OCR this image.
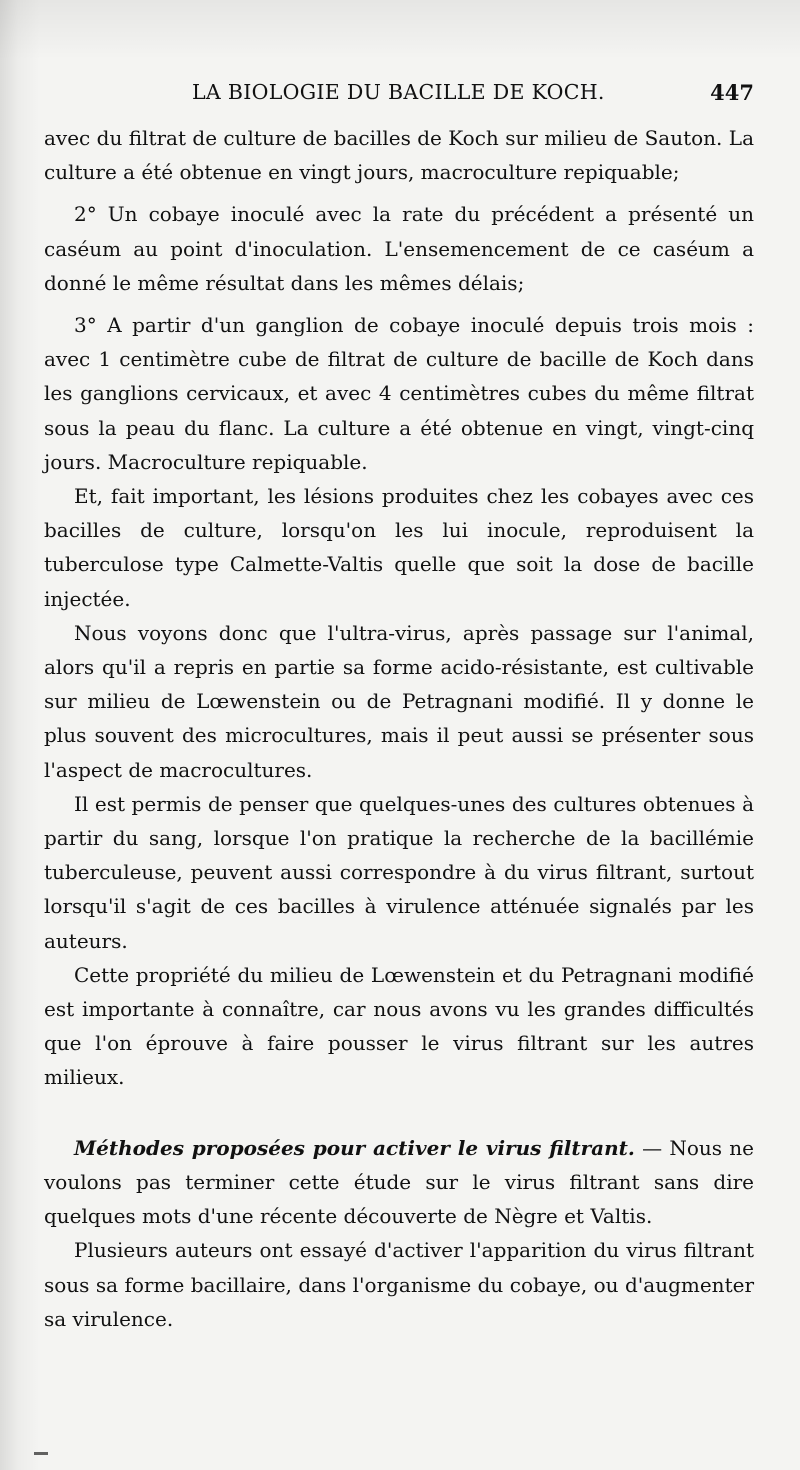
LA BIOLOGIE DU BACILLE DE KOCH.	447

avec du filtrat de culture de bacilles de Koch sur milieu de Sauton. La culture a été obtenue en vingt jours, macroculture repiquable;

2° Un cobaye inoculé avec la rate du précédent a présenté un caséum au point d'inoculation. L'ensemencement de ce caséum a donné le même résultat dans les mêmes délais;

3° A partir d'un ganglion de cobaye inoculé depuis trois mois : avec 1 centimètre cube de filtrat de culture de bacille de Koch dans les ganglions cervicaux, et avec 4 centimètres cubes du même filtrat sous la peau du flanc. La culture a été obtenue en vingt, vingt-cinq jours. Macroculture repiquable.

Et, fait important, les lésions produites chez les cobayes avec ces bacilles de culture, lorsqu'on les lui inocule, reproduisent la tuberculose type Calmette-Valtis quelle que soit la dose de bacille injectée.

Nous voyons donc que l'ultra-virus, après passage sur l'animal, alors qu'il a repris en partie sa forme acido-résistante, est cultivable sur milieu de Lœwenstein ou de Petragnani modifié. Il y donne le plus souvent des microcultures, mais il peut aussi se présenter sous l'aspect de macrocultures.

Il est permis de penser que quelques-unes des cultures obtenues à partir du sang, lorsque l'on pratique la recherche de la bacillémie tuberculeuse, peuvent aussi correspondre à du virus filtrant, surtout lorsqu'il s'agit de ces bacilles à virulence atténuée signalés par les auteurs.

Cette propriété du milieu de Lœwenstein et du Petragnani modifié est importante à connaître, car nous avons vu les grandes difficultés que l'on éprouve à faire pousser le virus filtrant sur les autres milieux.

Méthodes proposées pour activer le virus filtrant. — Nous ne voulons pas terminer cette étude sur le virus filtrant sans dire quelques mots d'une récente découverte de Nègre et Valtis.

Plusieurs auteurs ont essayé d'activer l'apparition du virus filtrant sous sa forme bacillaire, dans l'organisme du cobaye, ou d'augmenter sa virulence.
